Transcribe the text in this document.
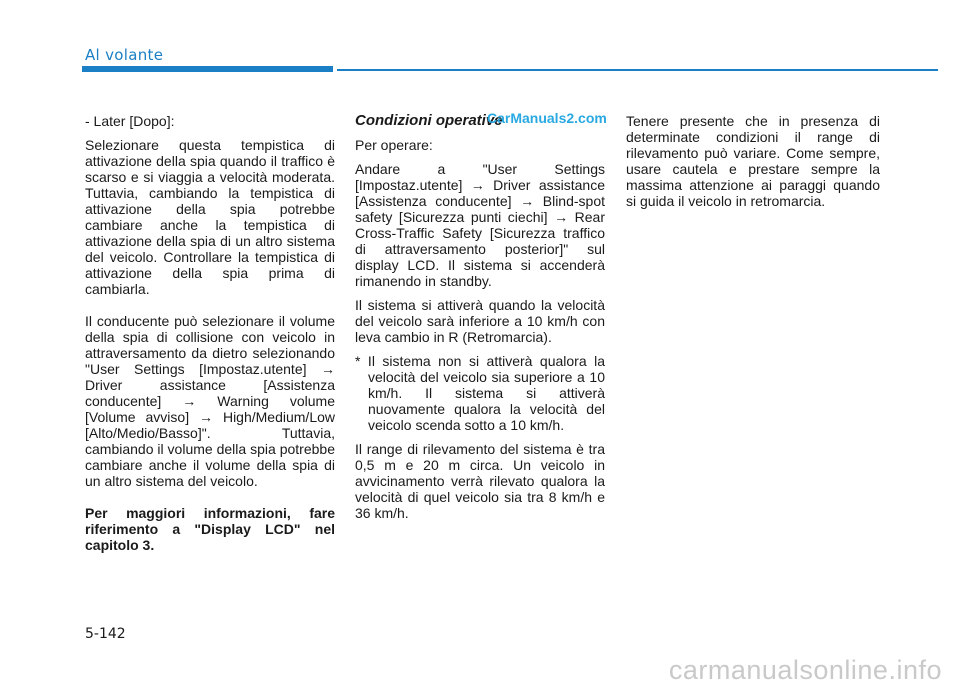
Al volante

- Later [Dopo]:

Selezionare questa tempistica di attivazione della spia quando il traffico è scarso e si viaggia a velocità moderata. Tuttavia, cambiando la tempistica di attivazione della spia potrebbe cambiare anche la tempistica di attivazione della spia di un altro sistema del veicolo. Controllare la tempistica di attivazione della spia prima di cambiarla.

Il conducente può selezionare il volume della spia di collisione con veicolo in attraversamento da dietro selezionando "User Settings [Impostaz.utente] → Driver assistance [Assistenza conducente] → Warning volume [Volume avviso] → High/Medium/Low [Alto/Medio/Basso]". Tuttavia, cambiando il volume della spia potrebbe cambiare anche il volume della spia di un altro sistema del veicolo.

Per maggiori informazioni, fare riferimento a "Display LCD" nel capitolo 3.

Condizioni operative

Per operare:

Andare a "User Settings [Impostaz.utente] → Driver assistance [Assistenza conducente] → Blind-spot safety [Sicurezza punti ciechi] → Rear Cross-Traffic Safety [Sicurezza traffico di attraversamento posterior]" sul display LCD. Il sistema si accenderà rimanendo in standby.

Il sistema si attiverà quando la velocità del veicolo sarà inferiore a 10 km/h con leva cambio in R (Retromarcia).

* Il sistema non si attiverà qualora la velocità del veicolo sia superiore a 10 km/h. Il sistema si attiverà nuovamente qualora la velocità del veicolo scenda sotto a 10 km/h.

Il range di rilevamento del sistema è tra 0,5 m e 20 m circa. Un veicolo in avvicinamento verrà rilevato qualora la velocità di quel veicolo sia tra 8 km/h e 36 km/h.

CarManuals2.com Tenere presente che in presenza di determinate condizioni il range di rilevamento può variare. Come sempre, usare cautela e prestare sempre la massima attenzione ai paraggi quando si guida il veicolo in retromarcia.

5-142
carmanualsonline.info
